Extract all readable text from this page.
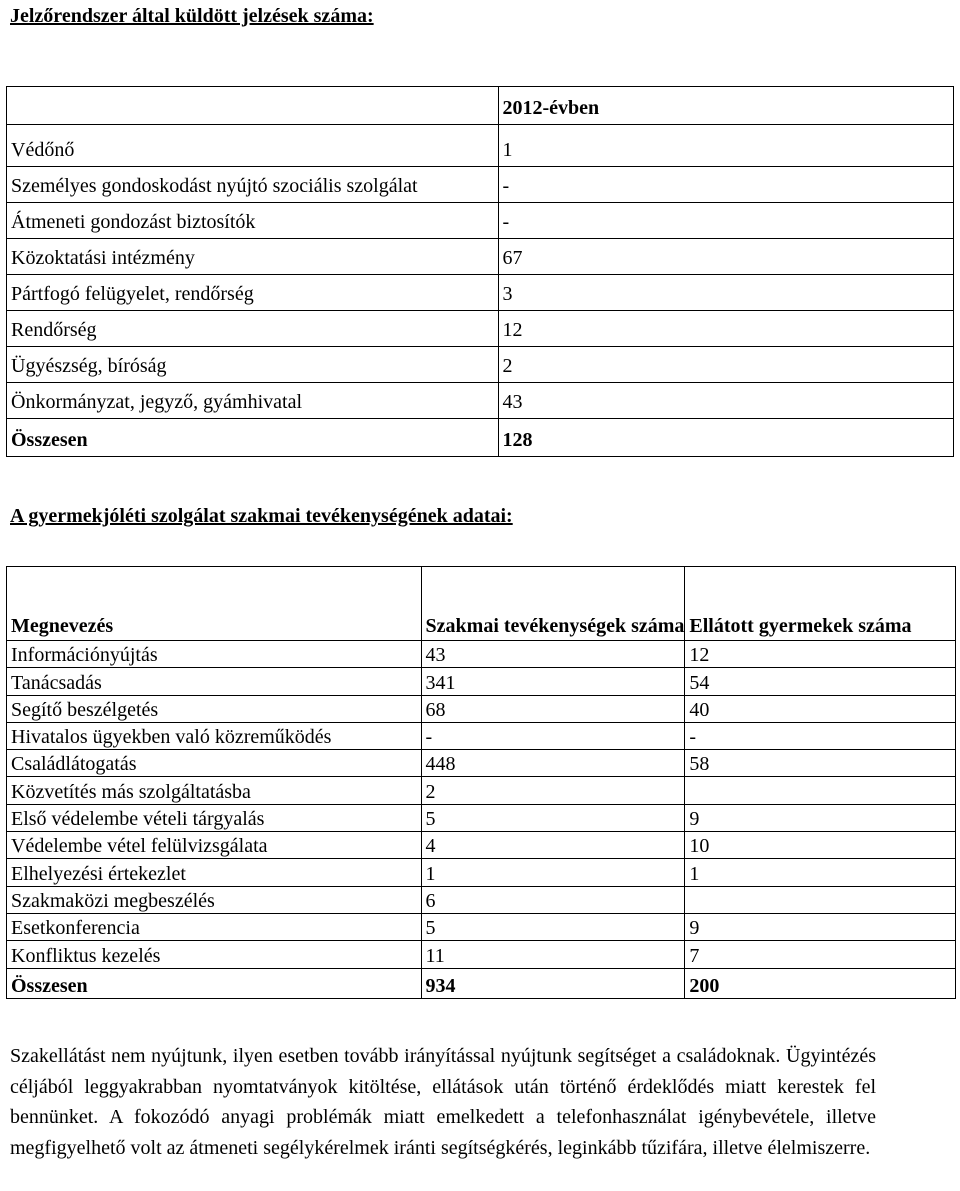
Jelzőrendszer által küldött jelzések száma:
	2012-évben
Védőnő	1
Személyes gondoskodást nyújtó szociális szolgálat	-
Átmeneti gondozást biztosítók	-
Közoktatási intézmény	67
Pártfogó felügyelet, rendőrség	3
Rendőrség	12
Ügyészség, bíróság	2
Önkormányzat, jegyző, gyámhivatal	43
Összesen	128
A gyermekjóléti szolgálat szakmai tevékenységének adatai:
Megnevezés	Szakmai tevékenységek száma	Ellátott gyermekek száma
Információnyújtás	43	12
Tanácsadás	341	54
Segítő beszélgetés	68	40
Hivatalos ügyekben való közreműködés	-	-
Családlátogatás	448	58
Közvetítés más szolgáltatásba	2	
Első védelembe vételi tárgyalás	5	9
Védelembe vétel felülvizsgálata	4	10
Elhelyezési értekezlet	1	1
Szakmaközi megbeszélés	6	
Esetkonferencia	5	9
Konfliktus kezelés	11	7
Összesen	934	200

Szakellátást nem nyújtunk, ilyen esetben tovább irányítással nyújtunk segítséget a családoknak. Ügyintézés céljából leggyakrabban nyomtatványok kitöltése, ellátások után történő érdeklődés miatt kerestek fel bennünket. A fokozódó anyagi problémák miatt emelkedett a telefonhasználat igénybevétele, illetve megfigyelhető volt az átmeneti segélykérelmek iránti segítségkérés, leginkább tűzifára, illetve élelmiszerre.
